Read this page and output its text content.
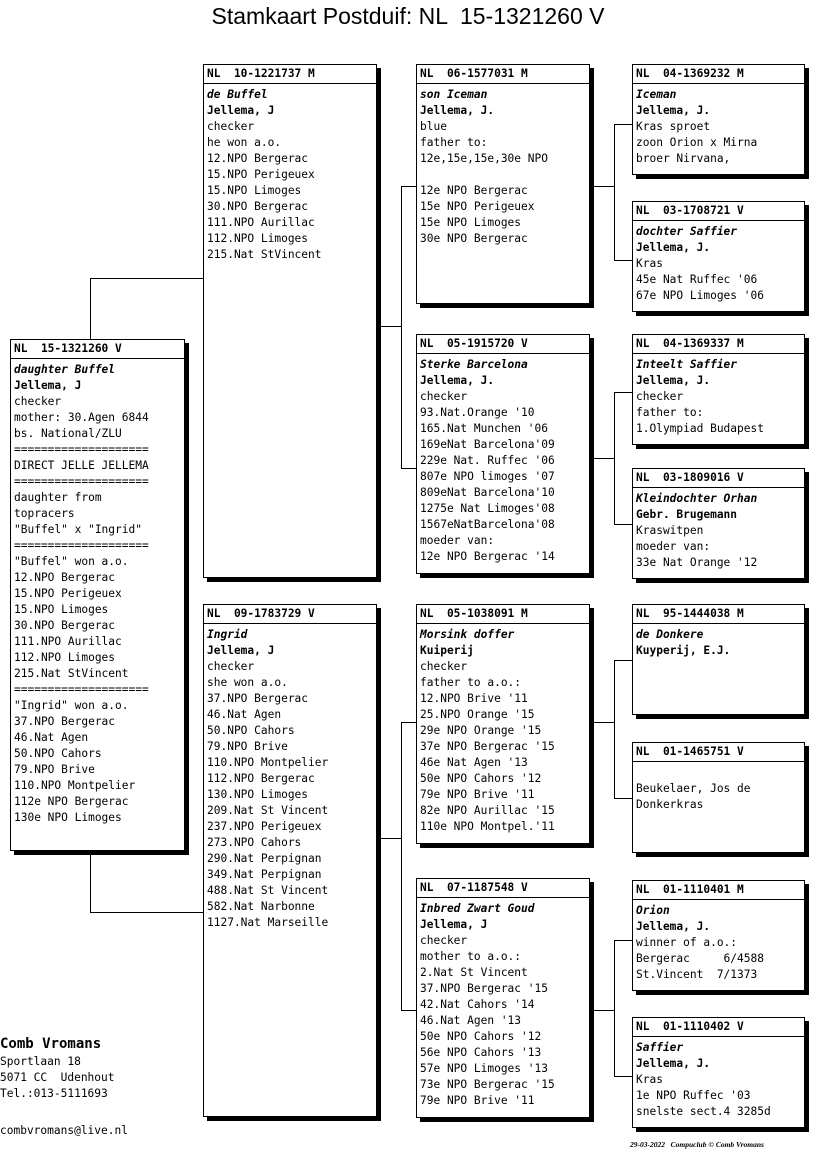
Stamkaart Postduif: NL  15-1321260 V
NL  15-1321260 V
daughter Buffel
Jellema, J
checker
mother: 30.Agen 6844
bs. National/ZLU
====================
DIRECT JELLE JELLEMA
====================
daughter from
topracers
"Buffel" x "Ingrid"
====================
"Buffel" won a.o.
12.NPO Bergerac
15.NPO Perigeuex
15.NPO Limoges
30.NPO Bergerac
111.NPO Aurillac
112.NPO Limoges
215.Nat StVincent
====================
"Ingrid" won a.o.
37.NPO Bergerac
46.Nat Agen
50.NPO Cahors
79.NPO Brive
110.NPO Montpelier
112e NPO Bergerac
130e NPO Limoges
NL  10-1221737 M
de Buffel
Jellema, J
checker
he won a.o.
12.NPO Bergerac
15.NPO Perigeuex
15.NPO Limoges
30.NPO Bergerac
111.NPO Aurillac
112.NPO Limoges
215.Nat StVincent
NL  09-1783729 V
Ingrid
Jellema, J
checker
she won a.o.
37.NPO Bergerac
46.Nat Agen
50.NPO Cahors
79.NPO Brive
110.NPO Montpelier
112.NPO Bergerac
130.NPO Limoges
209.Nat St Vincent
237.NPO Perigeuex
273.NPO Cahors
290.Nat Perpignan
349.Nat Perpignan
488.Nat St Vincent
582.Nat Narbonne
1127.Nat Marseille
NL  06-1577031 M
son Iceman
Jellema, J.
blue
father to:
12e,15e,15e,30e NPO

12e NPO Bergerac
15e NPO Perigeuex
15e NPO Limoges
30e NPO Bergerac
NL  05-1915720 V
Sterke Barcelona
Jellema, J.
checker
93.Nat.Orange '10
165.Nat Munchen '06
169eNat Barcelona'09
229e Nat. Ruffec '06
807e NPO limoges '07
809eNat Barcelona'10
1275e Nat Limoges'08
1567eNatBarcelona'08
moeder van:
12e NPO Bergerac '14
NL  05-1038091 M
Morsink doffer
Kuiperij
checker
father to a.o.:
12.NPO Brive '11
25.NPO Orange '15
29e NPO Orange '15
37e NPO Bergerac '15
46e Nat Agen '13
50e NPO Cahors '12
79e NPO Brive '11
82e NPO Aurillac '15
110e NPO Montpel.'11
NL  07-1187548 V
Inbred Zwart Goud
Jellema, J
checker
mother to a.o.:
2.Nat St Vincent
37.NPO Bergerac '15
42.Nat Cahors '14
46.Nat Agen '13
50e NPO Cahors '12
56e NPO Cahors '13
57e NPO Limoges '13
73e NPO Bergerac '15
79e NPO Brive '11
NL  04-1369232 M
Iceman
Jellema, J.
Kras sproet
zoon Orion x Mirna
broer Nirvana,
NL  03-1708721 V
dochter Saffier
Jellema, J.
Kras
45e Nat Ruffec '06
67e NPO Limoges '06
NL  04-1369337 M
Inteelt Saffier
Jellema, J.
checker
father to:
1.Olympiad Budapest
NL  03-1809016 V
Kleindochter Orhan
Gebr. Brugemann
Kraswitpen
moeder van:
33e Nat Orange '12
NL  95-1444038 M
de Donkere
Kuyperij, E.J.
NL  01-1465751 V

Beukelaer, Jos de
Donkerkras
NL  01-1110401 M
Orion
Jellema, J.
winner of a.o.:
Bergerac     6/4588
St.Vincent  7/1373
NL  01-1110402 V
Saffier
Jellema, J.
Kras
1e NPO Ruffec '03
snelste sect.4 3285d
Comb Vromans
Sportlaan 18
5071 CC  Udenhout
Tel.:013-5111693
combvromans@live.nl
29-03-2022   Compuclub © Comb Vromans
